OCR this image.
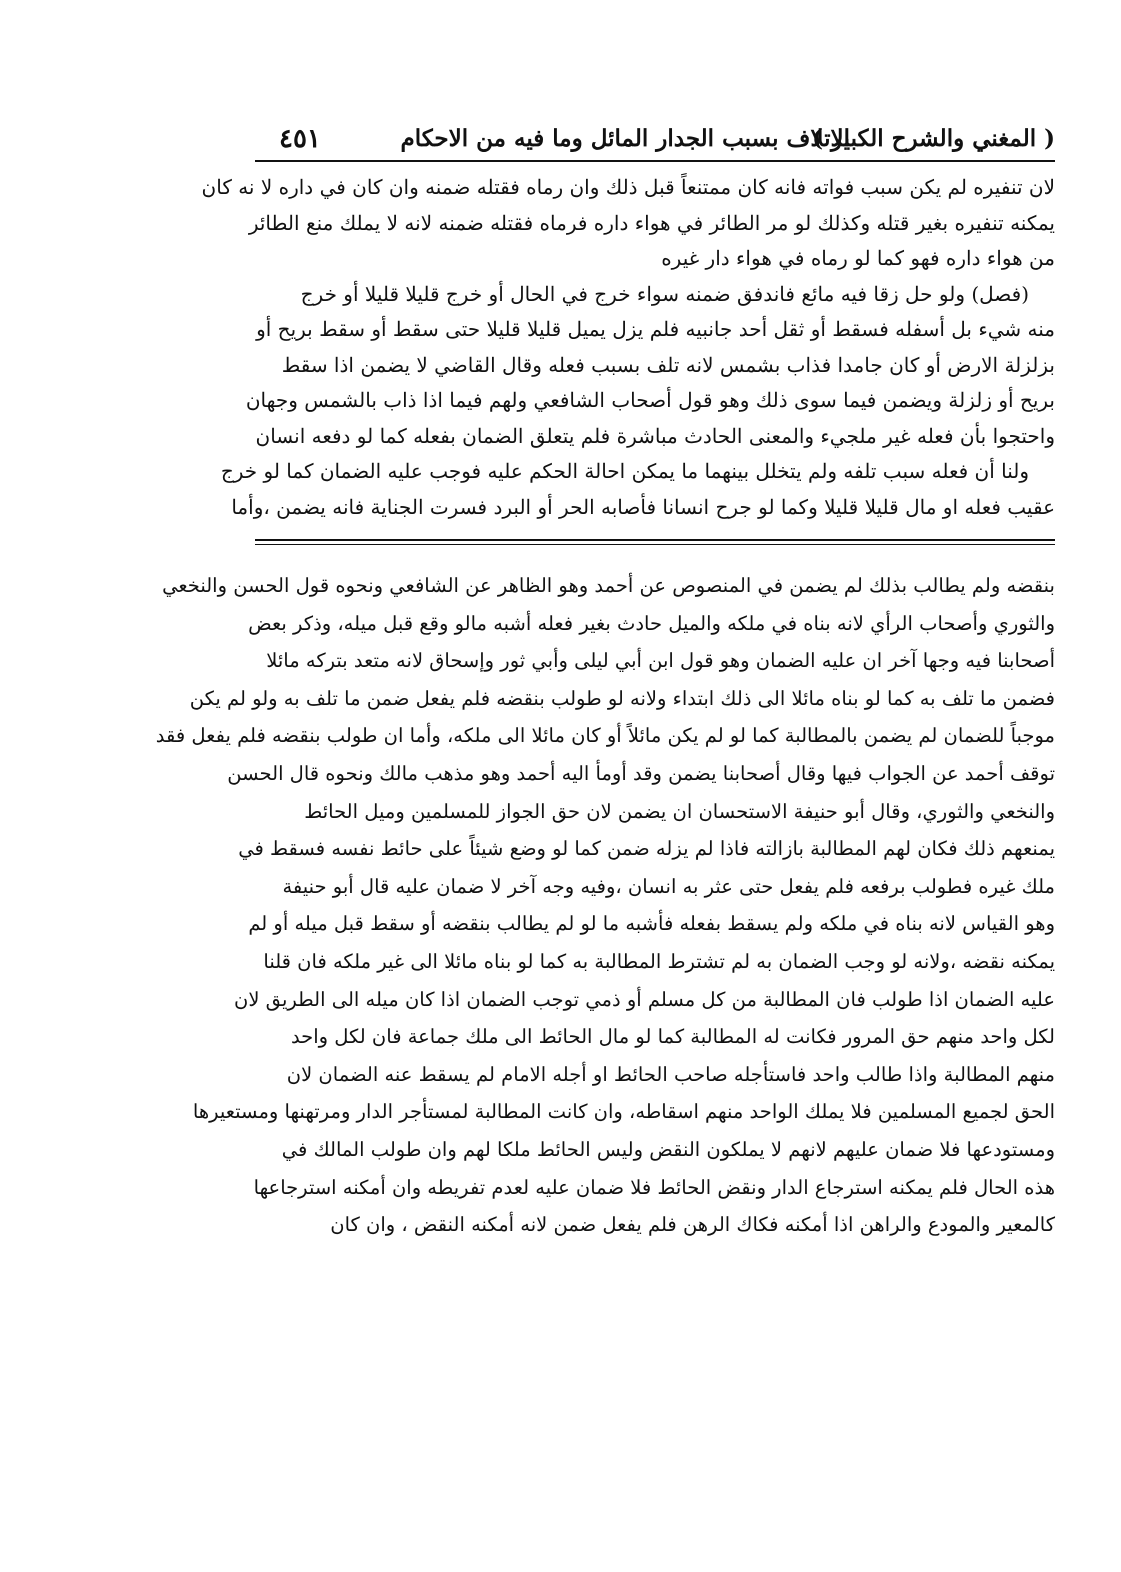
( المغني والشرح الكبير )
الاتلاف بسبب الجدار المائل وما فيه من الاحكام
٤٥١
لان تنفيره لم يكن سبب فواته فانه كان ممتنعاً قبل ذلك وان رماه فقتله ضمنه وان كان في داره لا نه كان
يمكنه تنفيره بغير قتله وكذلك لو مر الطائر في هواء داره فرماه فقتله ضمنه لانه لا يملك منع الطائر
من هواء داره فهو كما لو رماه في هواء دار غيره
(فصل) ولو حل زقا فيه مائع فاندفق ضمنه سواء خرج في الحال أو خرج قليلا قليلا أو خرج
منه شيء بل أسفله فسقط أو ثقل أحد جانبيه فلم يزل يميل قليلا قليلا حتى سقط أو سقط بريح أو
بزلزلة الارض أو كان جامدا فذاب بشمس لانه تلف بسبب فعله وقال القاضي لا يضمن اذا سقط
بريح أو زلزلة ويضمن فيما سوى ذلك وهو قول أصحاب الشافعي ولهم فيما اذا ذاب بالشمس وجهان
واحتجوا بأن فعله غير ملجيء والمعنى الحادث مباشرة فلم يتعلق الضمان بفعله كما لو دفعه انسان
ولنا أن فعله سبب تلفه ولم يتخلل بينهما ما يمكن احالة الحكم عليه فوجب عليه الضمان كما لو خرج
عقيب فعله او مال قليلا قليلا وكما لو جرح انسانا فأصابه الحر أو البرد فسرت الجناية فانه يضمن ،وأما
بنقضه ولم يطالب بذلك لم يضمن في المنصوص عن أحمد وهو الظاهر عن الشافعي ونحوه قول الحسن والنخعي
والثوري وأصحاب الرأي لانه بناه في ملكه والميل حادث بغير فعله أشبه مالو وقع قبل ميله، وذكر بعض
أصحابنا فيه وجها آخر ان عليه الضمان وهو قول ابن أبي ليلى وأبي ثور وإسحاق لانه متعد بتركه مائلا
فضمن ما تلف به كما لو بناه مائلا الى ذلك ابتداء ولانه لو طولب بنقضه فلم يفعل ضمن ما تلف به ولو لم يكن
موجباً للضمان لم يضمن بالمطالبة كما لو لم يكن مائلاً أو كان مائلا الى ملكه، وأما ان طولب بنقضه فلم يفعل فقد
توقف أحمد عن الجواب فيها وقال أصحابنا يضمن وقد أومأ اليه أحمد وهو مذهب مالك ونحوه قال الحسن
والنخعي والثوري، وقال أبو حنيفة الاستحسان ان يضمن لان حق الجواز للمسلمين وميل الحائط
يمنعهم ذلك فكان لهم المطالبة بازالته فاذا لم يزله ضمن كما لو وضع شيئاً على حائط نفسه فسقط في
ملك غيره فطولب برفعه فلم يفعل حتى عثر به انسان ،وفيه وجه آخر لا ضمان عليه قال أبو حنيفة
وهو القياس لانه بناه في ملكه ولم يسقط بفعله فأشبه ما لو لم يطالب بنقضه أو سقط قبل ميله أو لم
يمكنه نقضه ،ولانه لو وجب الضمان به لم تشترط المطالبة به كما لو بناه مائلا الى غير ملكه فان قلنا
عليه الضمان اذا طولب فان المطالبة من كل مسلم أو ذمي توجب الضمان اذا كان ميله الى الطريق لان
لكل واحد منهم حق المرور فكانت له المطالبة كما لو مال الحائط الى ملك جماعة فان لكل واحد
منهم المطالبة واذا طالب واحد فاستأجله صاحب الحائط او أجله الامام لم يسقط عنه الضمان لان
الحق لجميع المسلمين فلا يملك الواحد منهم اسقاطه، وان كانت المطالبة لمستأجر الدار ومرتهنها ومستعيرها
ومستودعها فلا ضمان عليهم لانهم لا يملكون النقض وليس الحائط ملكا لهم وان طولب المالك في
هذه الحال فلم يمكنه استرجاع الدار ونقض الحائط فلا ضمان عليه لعدم تفريطه وان أمكنه استرجاعها
كالمعير والمودع والراهن اذا أمكنه فكاك الرهن فلم يفعل ضمن لانه أمكنه النقض ، وان كان
